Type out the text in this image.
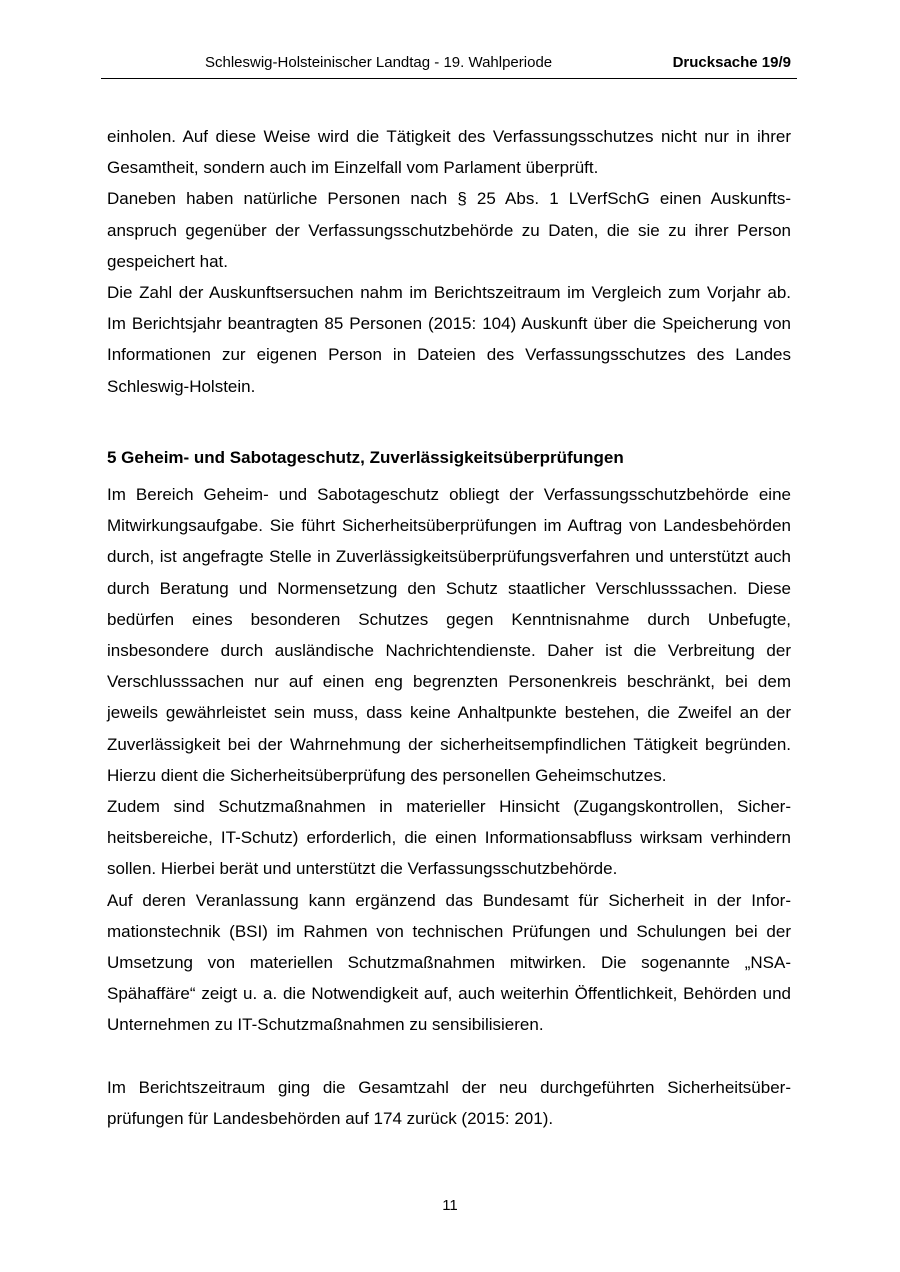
Schleswig-Holsteinischer Landtag - 19. Wahlperiode	Drucksache 19/9

einholen. Auf diese Weise wird die Tätigkeit des Verfassungsschutzes nicht nur in ihrer Gesamtheit, sondern auch im Einzelfall vom Parlament überprüft.

Daneben haben natürliche Personen nach § 25 Abs. 1 LVerfSchG einen Auskunftsanspruch gegenüber der Verfassungsschutzbehörde zu Daten, die sie zu ihrer Person gespeichert hat.

Die Zahl der Auskunftsersuchen nahm im Berichtszeitraum im Vergleich zum Vorjahr ab. Im Berichtsjahr beantragten 85 Personen (2015: 104) Auskunft über die Speicherung von Informationen zur eigenen Person in Dateien des Verfassungsschutzes des Landes Schleswig-Holstein.

5 Geheim- und Sabotageschutz, Zuverlässigkeitsüberprüfungen

Im Bereich Geheim- und Sabotageschutz obliegt der Verfassungsschutzbehörde eine Mitwirkungsaufgabe. Sie führt Sicherheitsüberprüfungen im Auftrag von Landesbehörden durch, ist angefragte Stelle in Zuverlässigkeitsüberprüfungsverfahren und unterstützt auch durch Beratung und Normensetzung den Schutz staatlicher Verschlusssachen. Diese bedürfen eines besonderen Schutzes gegen Kenntnisnahme durch Unbefugte, insbesondere durch ausländische Nachrichtendienste. Daher ist die Verbreitung der Verschlusssachen nur auf einen eng begrenzten Personenkreis beschränkt, bei dem jeweils gewährleistet sein muss, dass keine Anhaltpunkte bestehen, die Zweifel an der Zuverlässigkeit bei der Wahrnehmung der sicherheitsempfindlichen Tätigkeit begründen. Hierzu dient die Sicherheitsüberprüfung des personellen Geheimschutzes.

Zudem sind Schutzmaßnahmen in materieller Hinsicht (Zugangskontrollen, Sicherheitsbereiche, IT-Schutz) erforderlich, die einen Informationsabfluss wirksam verhindern sollen. Hierbei berät und unterstützt die Verfassungsschutzbehörde.

Auf deren Veranlassung kann ergänzend das Bundesamt für Sicherheit in der Informationstechnik (BSI) im Rahmen von technischen Prüfungen und Schulungen bei der Umsetzung von materiellen Schutzmaßnahmen mitwirken. Die sogenannte „NSA-Spähaffäre“ zeigt u. a. die Notwendigkeit auf, auch weiterhin Öffentlichkeit, Behörden und Unternehmen zu IT-Schutzmaßnahmen zu sensibilisieren.

Im Berichtszeitraum ging die Gesamtzahl der neu durchgeführten Sicherheitsüberprüfungen für Landesbehörden auf 174 zurück (2015: 201).

11
